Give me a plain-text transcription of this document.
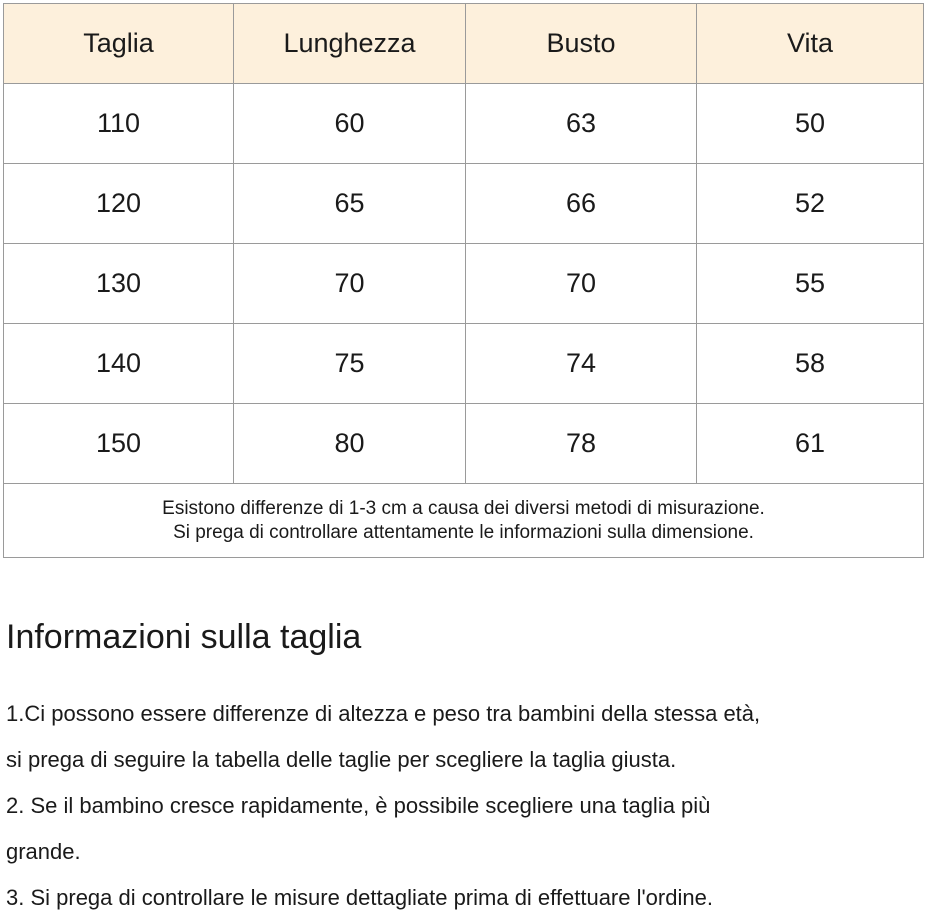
Taglia	Lunghezza	Busto	Vita
110	60	63	50
120	65	66	52
130	70	70	55
140	75	74	58
150	80	78	61

Esistono differenze di 1-3 cm a causa dei diversi metodi di misurazione.
Si prega di controllare attentamente le informazioni sulla dimensione.			
Informazioni sulla taglia
1.Ci possono essere differenze di altezza e peso tra bambini della stessa età,
si prega di seguire la tabella delle taglie per scegliere la taglia giusta.
2. Se il bambino cresce rapidamente, è possibile scegliere una taglia più
grande.
3. Si prega di controllare le misure dettagliate prima di effettuare l'ordine.
